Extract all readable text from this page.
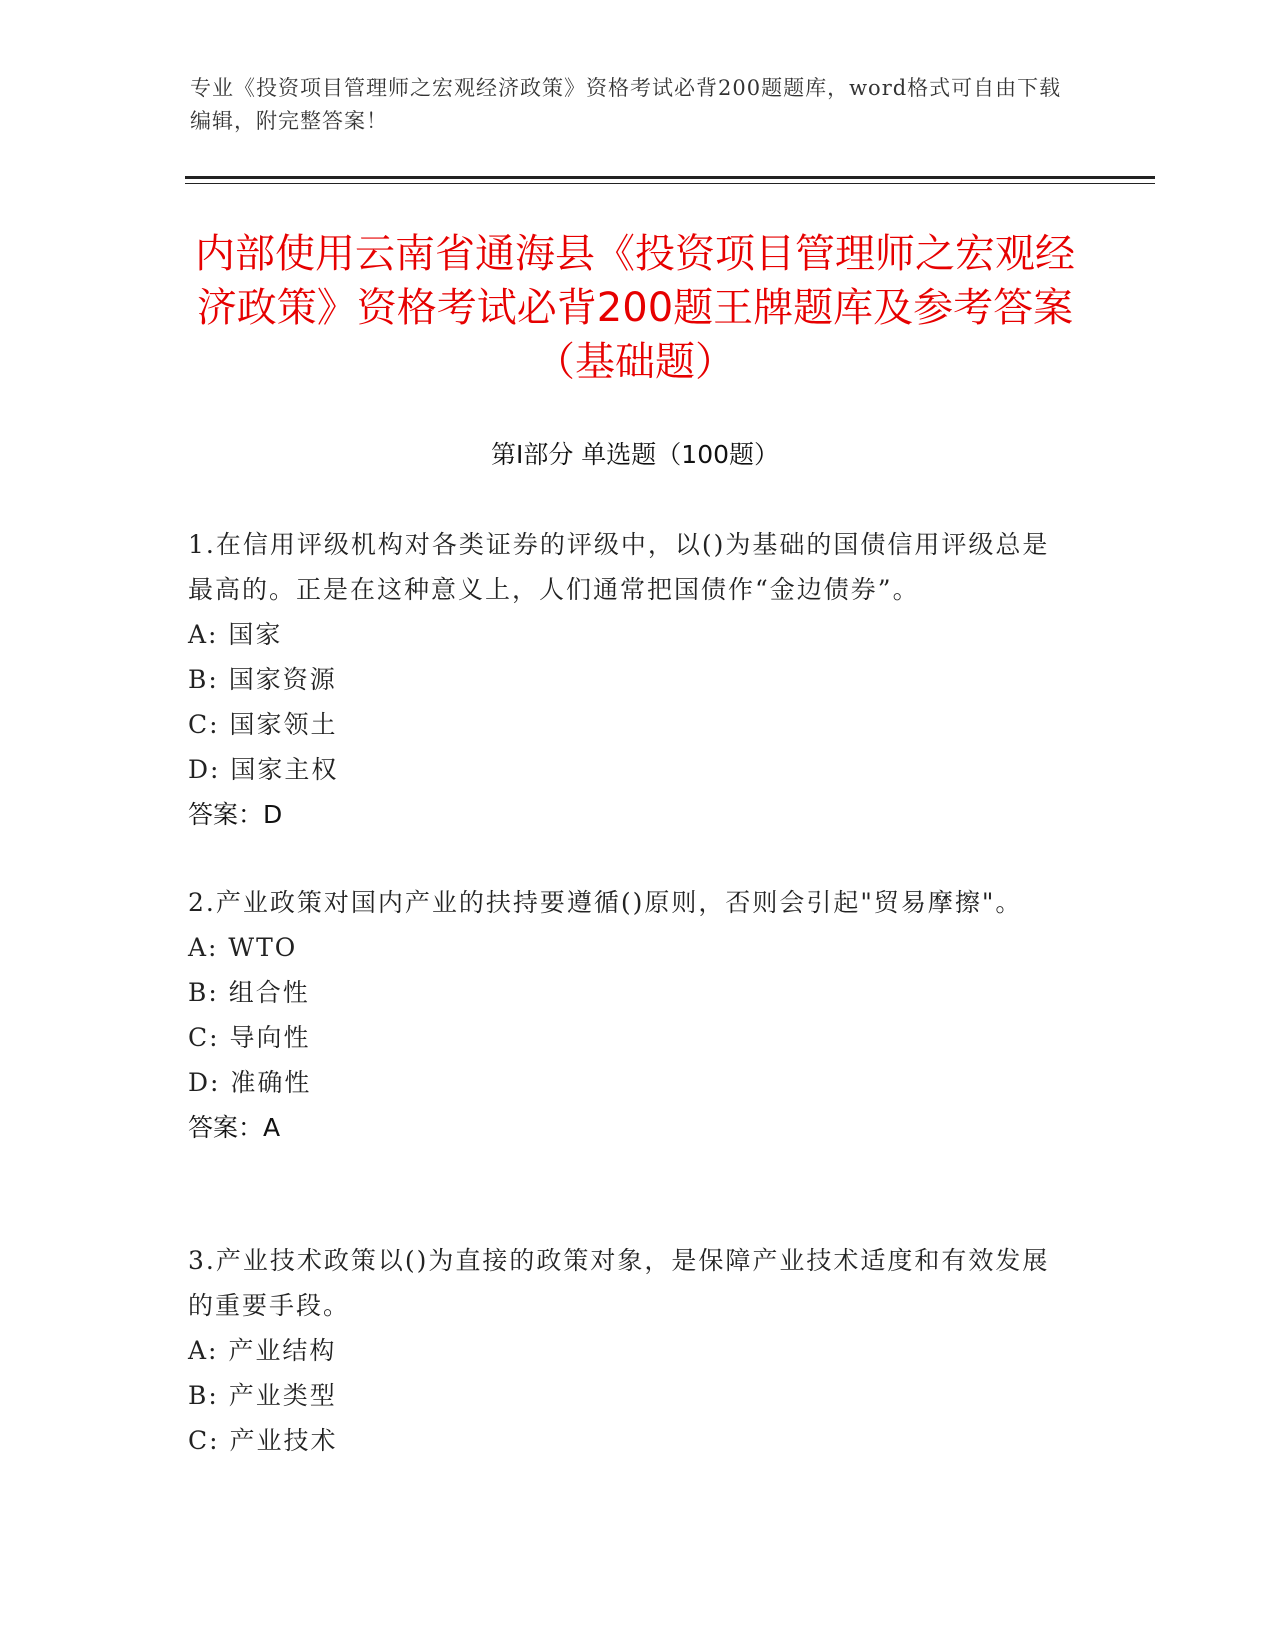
专业《投资项目管理师之宏观经济政策》资格考试必背200题题库，word格式可自由下载编辑，附完整答案！
内部使用云南省通海县《投资项目管理师之宏观经济政策》资格考试必背200题王牌题库及参考答案（基础题）
第I部分 单选题（100题）
1.在信用评级机构对各类证券的评级中，以()为基础的国债信用评级总是最高的。正是在这种意义上，人们通常把国债作“金边债券”。
A: 国家
B: 国家资源
C: 国家领土
D: 国家主权
答案：D
2.产业政策对国内产业的扶持要遵循()原则，否则会引起"贸易摩擦"。
A: WTO
B: 组合性
C: 导向性
D: 准确性
答案：A
3.产业技术政策以()为直接的政策对象，是保障产业技术适度和有效发展的重要手段。
A: 产业结构
B: 产业类型
C: 产业技术
